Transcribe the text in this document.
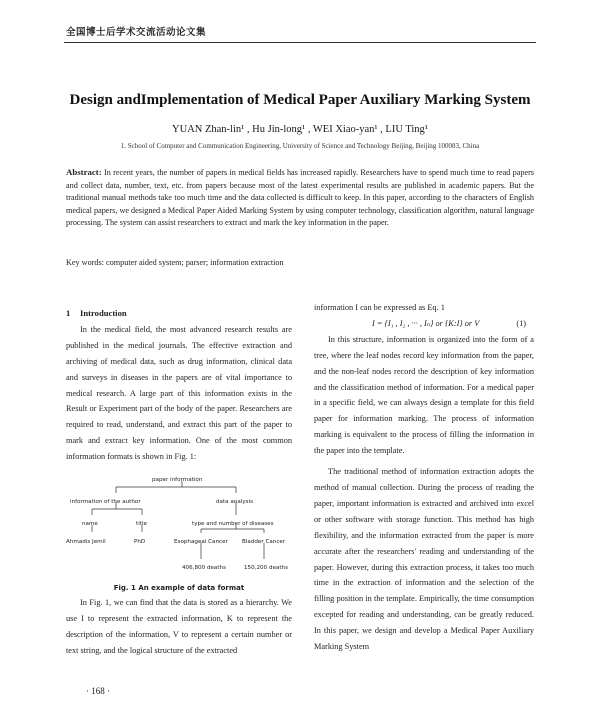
全国博士后学术交流活动论文集
Design andImplementation of Medical Paper Auxiliary Marking System
YUAN Zhan-lin¹ , Hu Jin-long¹ , WEI Xiao-yan¹ , LIU Ting¹
1. School of Computer and Communication Engineering, University of Science and Technology Beijing, Beijing 100083, China
Abstract: In recent years, the number of papers in medical fields has increased rapidly. Researchers have to spend much time to read papers and collect data, number, text, etc. from papers because most of the latest experimental results are published in academic papers. But the traditional manual methods take too much time and the data collected is difficult to keep. In this paper, according to the characters of English medical papers, we designed a Medical Paper Aided Marking System by using computer technology, classification algorithm, natural language processing. The system can assist researchers to extract and mark the key information in the paper.
Key words: computer aided system; parser; information extraction
1 Introduction
In the medical field, the most advanced research results are published in the medical journals. The effective extraction and archiving of medical data, such as drug information, clinical data and surveys in diseases in the papers are of vital importance to medical research. A large part of this information exists in the Result or Experiment part of the body of the paper. Researchers are required to read, understand, and extract this part of the paper to mark and extract key information. One of the most common information formats is shown in Fig. 1:
paper information
information of the author	data analysis
name	title	type and number of diseases
Ahmadis Jemil	PhD	Esophageal Cancer	Bladder Cancer
406,800 deaths	150,200 deaths
Fig. 1 An example of data format
In Fig. 1, we can find that the data is stored as a hierarchy. We use I to represent the extracted information, K to represent the description of the information, V to represent a certain number or text string, and the logical structure of the extracted
information I can be expressed as Eq. 1
I = {I₁ , I₂ , ··· , Iₙ} or {K:I} or V	(1)
In this structure, information is organized into the form of a tree, where the leaf nodes record key information from the paper, and the non-leaf nodes record the description of key information and the classification method of information. For a medical paper in a specific field, we can always design a template for this field paper for information marking. The process of information marking is equivalent to the process of filling the information in the paper into the template.
The traditional method of information extraction adopts the method of manual collection. During the process of reading the paper, important information is extracted and archived into excel or other software with storage function. This method has high flexibility, and the information extracted from the paper is more accurate after the researchers' reading and understanding of the paper. However, during this extraction process, it takes too much time in the extraction of information and the selection of the filling position in the template. Empirically, the time consumption excepted for reading and understanding, can be greatly reduced. In this paper, we design and develop a Medical Paper Auxiliary Marking System
· 168 ·
